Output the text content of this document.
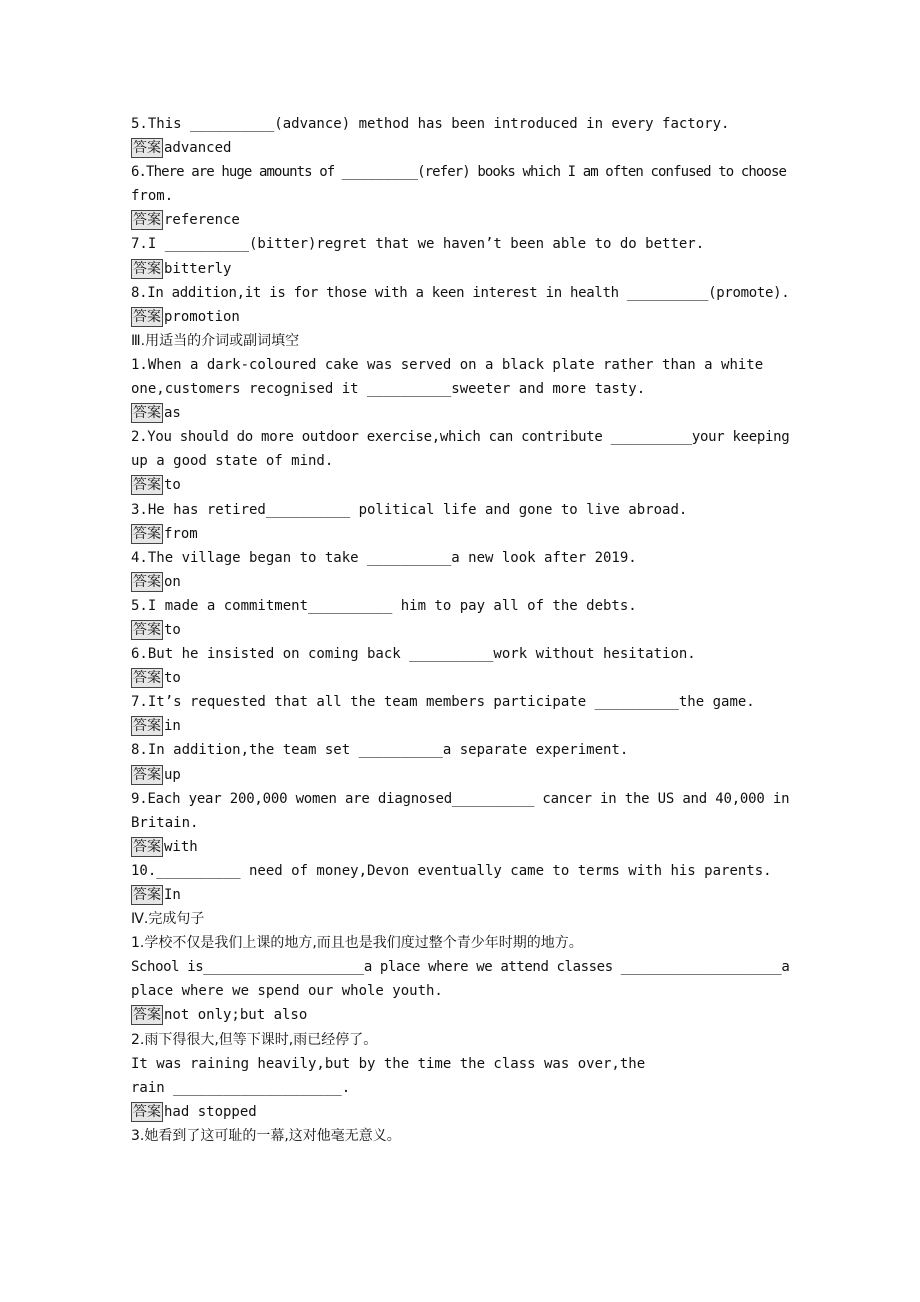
5.This __________(advance) method has been introduced in every factory.
答案 advanced
6.There are huge amounts of __________(refer) books which I am often confused to choose
from.
答案 reference
7.I __________(bitter)regret that we haven’t been able to do better.
答案 bitterly
8.In addition,it is for those with a keen interest in health __________(promote).
答案 promotion
Ⅲ.用适当的介词或副词填空
1.When a dark-coloured cake was served on a black plate rather than a white
one,customers recognised it __________sweeter and more tasty.
答案 as
2.You should do more outdoor exercise,which can contribute __________your keeping
up a good state of mind.
答案 to
3.He has retired__________ political life and gone to live abroad.
答案 from
4.The village began to take __________a new look after 2019.
答案 on
5.I made a commitment__________ him to pay all of the debts.
答案 to
6.But he insisted on coming back __________work without hesitation.
答案 to
7.It’s requested that all the team members participate __________the game.
答案 in
8.In addition,the team set __________a separate experiment.
答案 up
9.Each year 200,000 women are diagnosed__________ cancer in the US and 40,000 in
Britain.
答案 with
10.__________ need of money,Devon eventually came to terms with his parents.
答案 In
Ⅳ.完成句子
1.学校不仅是我们上课的地方,而且也是我们度过整个青少年时期的地方。
School is____________________a place where we attend classes ____________________a
place where we spend our whole youth.
答案 not only;but also
2.雨下得很大,但等下课时,雨已经停了。
It was raining heavily,but by the time the class was over,the
rain ____________________.
答案 had stopped
3.她看到了这可耻的一幕,这对他毫无意义。
